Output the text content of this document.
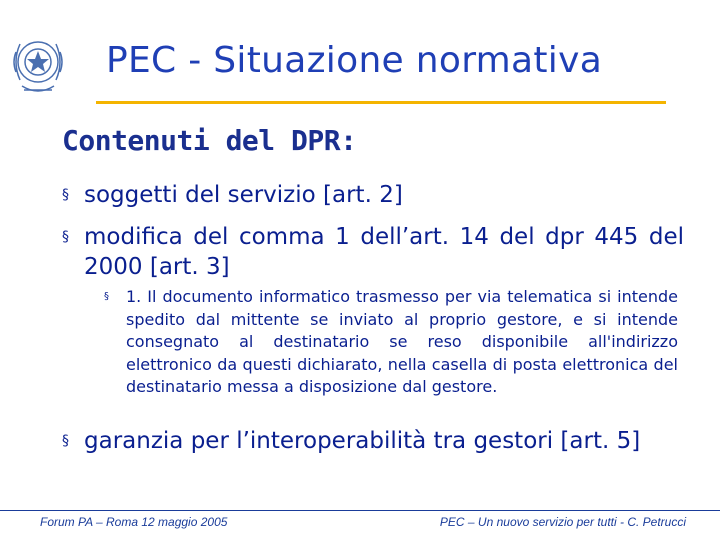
PEC - Situazione normativa
Contenuti del DPR:
§ soggetti del servizio [art. 2]
§ modifica del comma 1 dell’art. 14 del dpr 445 del 2000 [art. 3]
§ 1. Il documento informatico trasmesso per via telematica si intende spedito dal mittente se inviato al proprio gestore, e si intende consegnato al destinatario se reso disponibile all'indirizzo elettronico da questi dichiarato, nella casella di posta elettronica del destinatario messa a disposizione dal gestore.
§ garanzia per l’interoperabilità tra gestori [art. 5]
Forum PA – Roma 12 maggio 2005	PEC – Un nuovo servizio per tutti - C. Petrucci
